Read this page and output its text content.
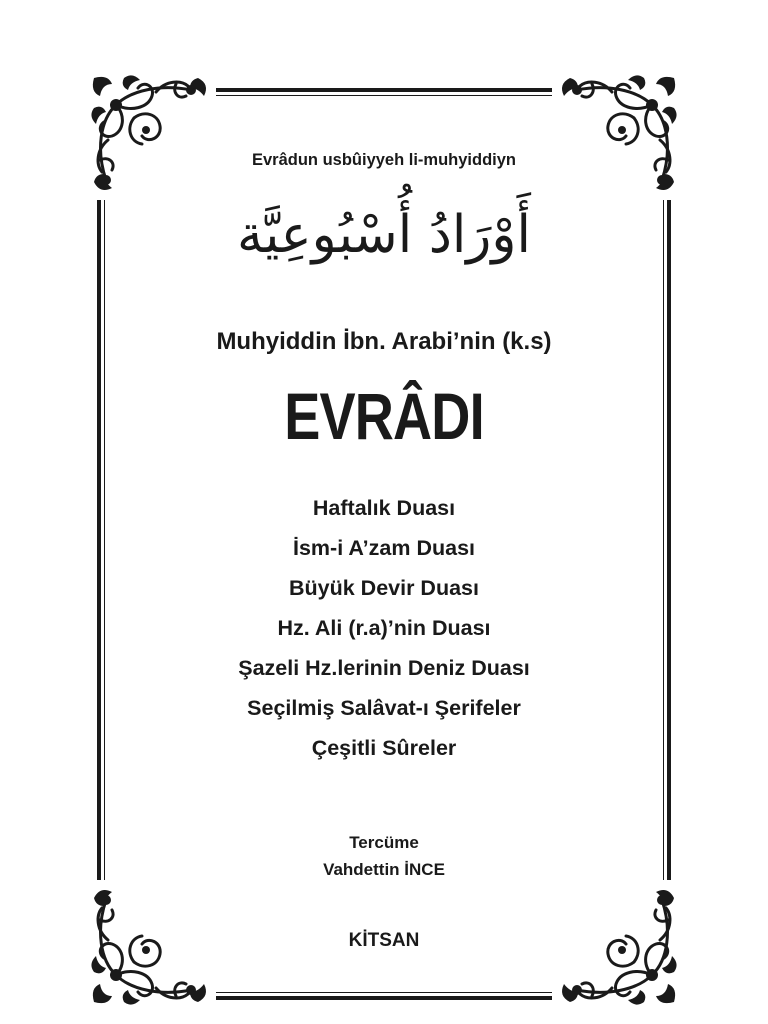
Evrâdun usbûiyyeh li-muhyiddiyn
أَوْرَادُ أُسْبُوعِيَّة
Muhyiddin İbn. Arabi’nin (k.s)
EVRÂDI
Haftalık Duası
İsm-i A’zam Duası
Büyük Devir Duası
Hz. Ali (r.a)’nin Duası
Şazeli Hz.lerinin Deniz Duası
Seçilmiş Salâvat-ı Şerifeler
Çeşitli Sûreler
Tercüme
Vahdettin İNCE
KİTSAN
